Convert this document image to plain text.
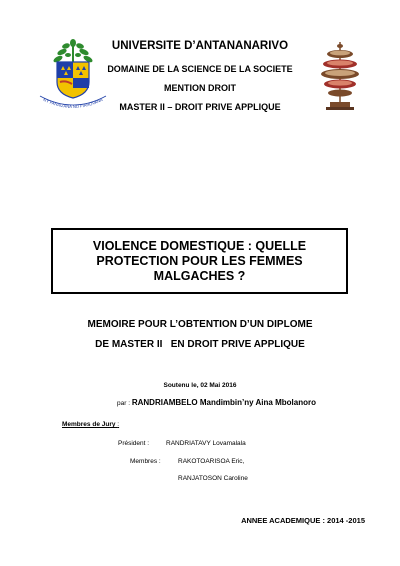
UNIVERSITE D’ANTANANARIVO
DOMAINE DE LA SCIENCE DE LA SOCIETE
MENTION DROIT
MASTER II – DROIT PRIVE APPLIQUE
NY FAHAIZANA NO FIAROVANA
VIOLENCE DOMESTIQUE : QUELLE
PROTECTION POUR LES FEMMES
MALGACHES ?
MEMOIRE POUR L’OBTENTION D’UN DIPLOME
DE MASTER II   EN DROIT PRIVE APPLIQUE
Soutenu le, 02 Mai 2016
par : RANDRIAMBELO Mandimbin’ny Aina Mbolanoro
Membres de Jury :
Président :	RANDRIATAVY Lovamalala
Membres :	RAKOTOARISOA Eric,
RANJATOSON Caroline
ANNEE ACADEMIQUE : 2014 -2015
